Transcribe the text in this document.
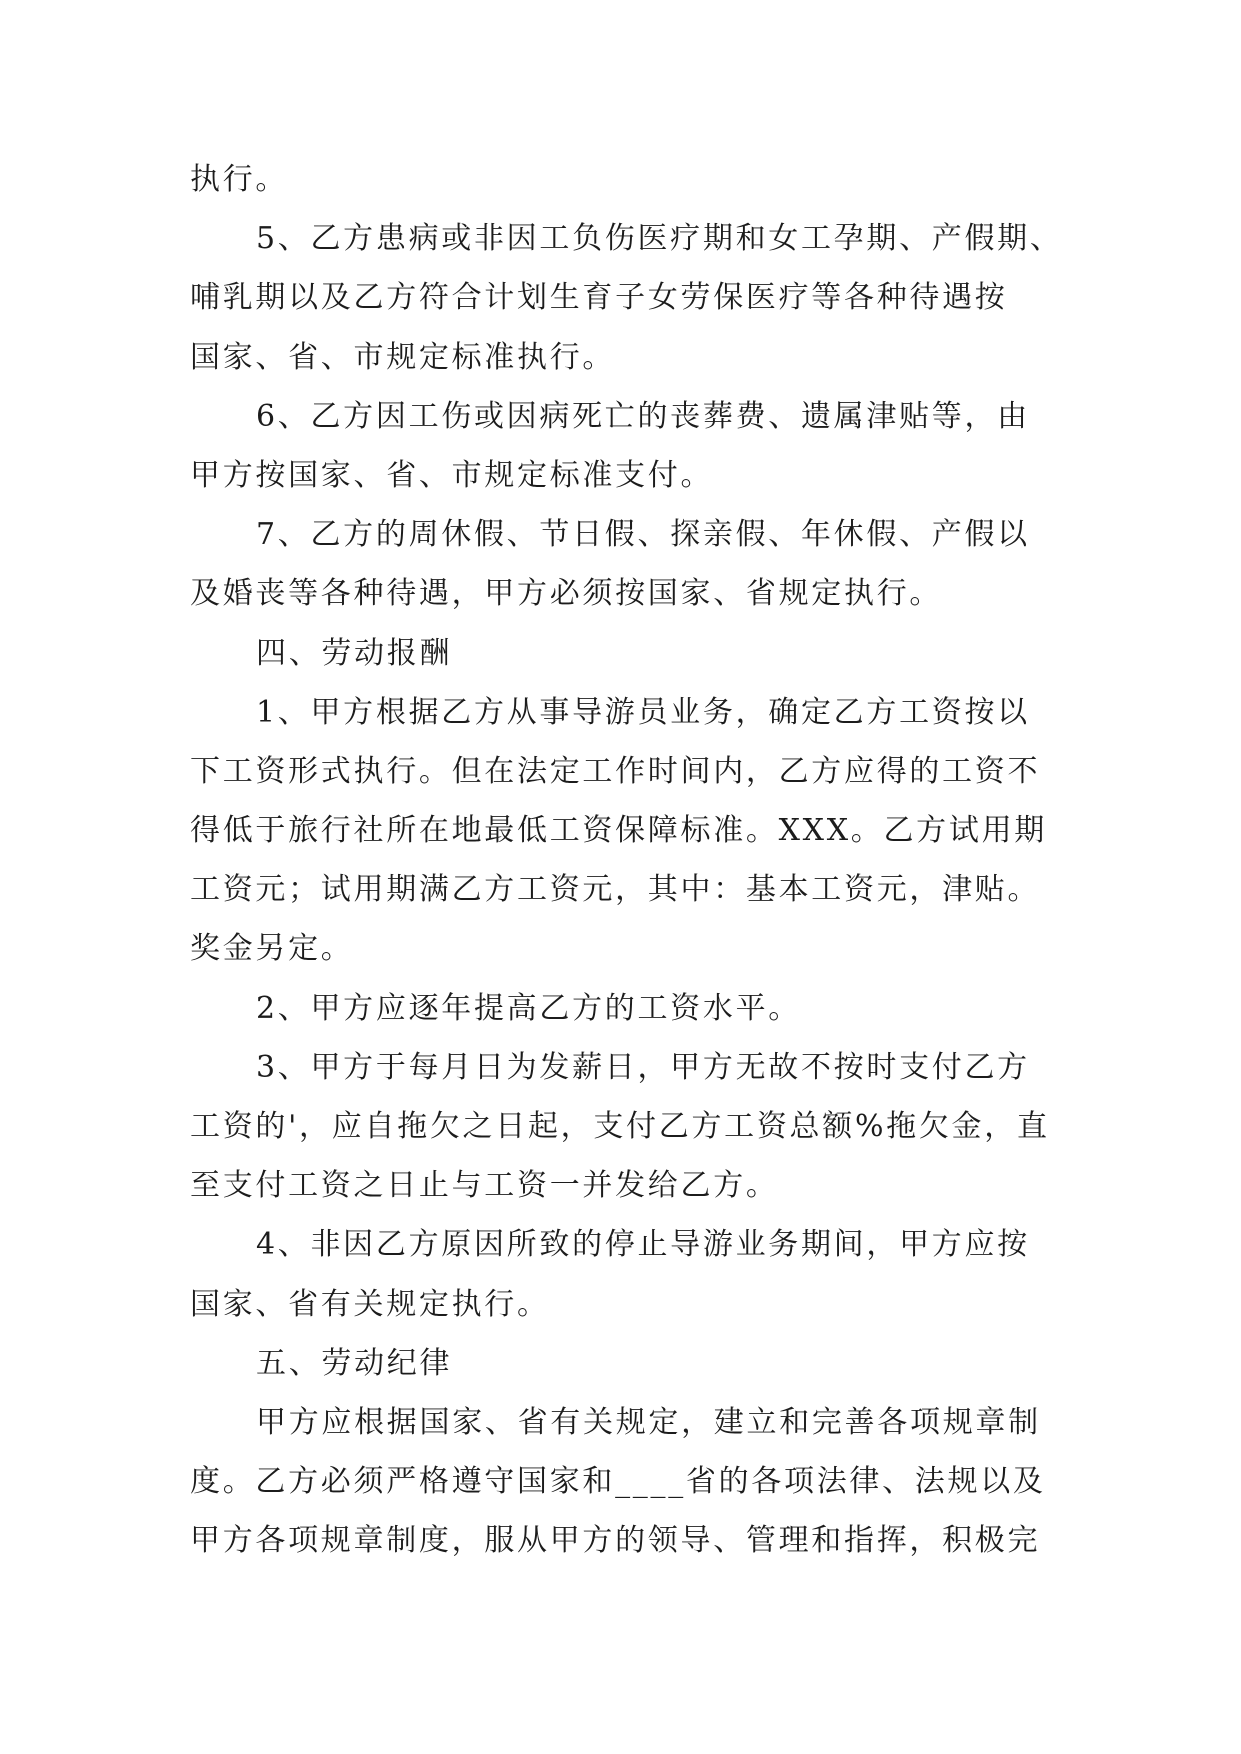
执行。
5、乙方患病或非因工负伤医疗期和女工孕期、产假期、
哺乳期以及乙方符合计划生育子女劳保医疗等各种待遇按
国家、省、市规定标准执行。
6、乙方因工伤或因病死亡的丧葬费、遗属津贴等，由
甲方按国家、省、市规定标准支付。
7、乙方的周休假、节日假、探亲假、年休假、产假以
及婚丧等各种待遇，甲方必须按国家、省规定执行。
四、劳动报酬
1、甲方根据乙方从事导游员业务，确定乙方工资按以
下工资形式执行。但在法定工作时间内，乙方应得的工资不
得低于旅行社所在地最低工资保障标准。XXX。乙方试用期
工资元；试用期满乙方工资元，其中：基本工资元，津贴。
奖金另定。
2、甲方应逐年提高乙方的工资水平。
3、甲方于每月日为发薪日，甲方无故不按时支付乙方
工资的'，应自拖欠之日起，支付乙方工资总额%拖欠金，直
至支付工资之日止与工资一并发给乙方。
4、非因乙方原因所致的停止导游业务期间，甲方应按
国家、省有关规定执行。
五、劳动纪律
甲方应根据国家、省有关规定，建立和完善各项规章制
度。乙方必须严格遵守国家和____省的各项法律、法规以及
甲方各项规章制度，服从甲方的领导、管理和指挥，积极完
